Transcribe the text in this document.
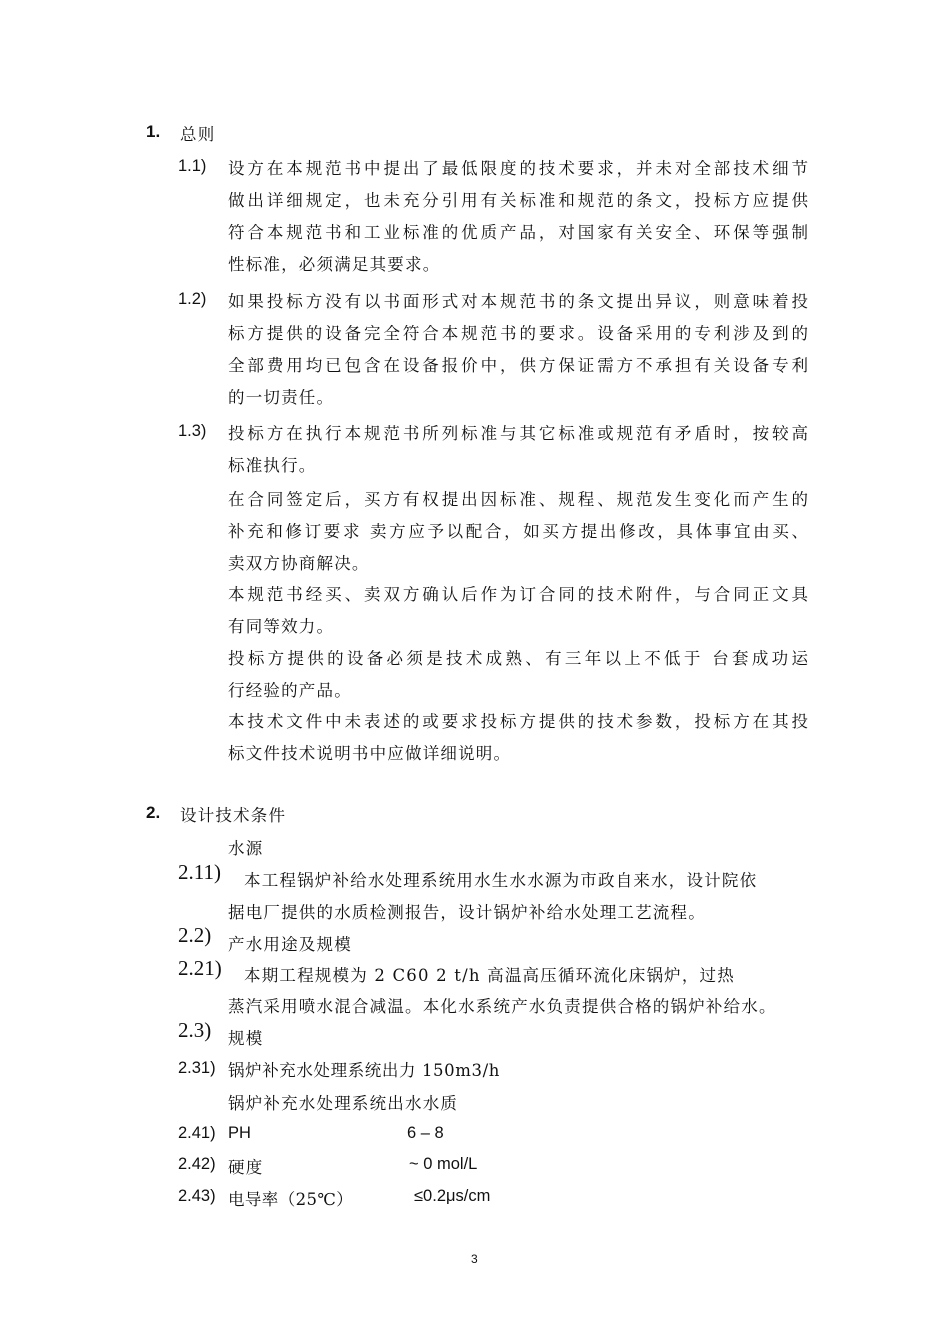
1. 总则
1.1) 设方在本规范书中提出了最低限度的技术要求，并未对全部技术细节
做出详细规定，也未充分引用有关标准和规范的条文，投标方应提供
符合本规范书和工业标准的优质产品，对国家有关安全、环保等强制
性标准，必须满足其要求。
1.2) 如果投标方没有以书面形式对本规范书的条文提出异议，则意味着投
标方提供的设备完全符合本规范书的要求。设备采用的专利涉及到的
全部费用均已包含在设备报价中，供方保证需方不承担有关设备专利
的一切责任。
1.3) 投标方在执行本规范书所列标准与其它标准或规范有矛盾时，按较高
标准执行。
在合同签定后，买方有权提出因标准、规程、规范发生变化而产生的
补充和修订要求 卖方应予以配合，如买方提出修改，具体事宜由买、
卖双方协商解决。
本规范书经买、卖双方确认后作为订合同的技术附件，与合同正文具
有同等效力。
投标方提供的设备必须是技术成熟、有三年以上不低于 台套成功运
行经验的产品。
本技术文件中未表述的或要求投标方提供的技术参数，投标方在其投
标文件技术说明书中应做详细说明。
2. 设计技术条件
水源
2.11) 本工程锅炉补给水处理系统用水生水水源为市政自来水，设计院依
据电厂提供的水质检测报告，设计锅炉补给水处理工艺流程。
2.2) 产水用途及规模
2.21) 本期工程规模为 2 C60 2 t/h 高温高压循环流化床锅炉，过热
蒸汽采用喷水混合减温。本化水系统产水负责提供合格的锅炉补给水。
2.3) 规模
2.31) 锅炉补充水处理系统出力 150m3/h
锅炉补充水处理系统出水水质
2.41) PH	6 – 8
2.42) 硬度	~ 0 mol/L
2.43) 电导率（25℃）	≤0.2μs/cm
3
